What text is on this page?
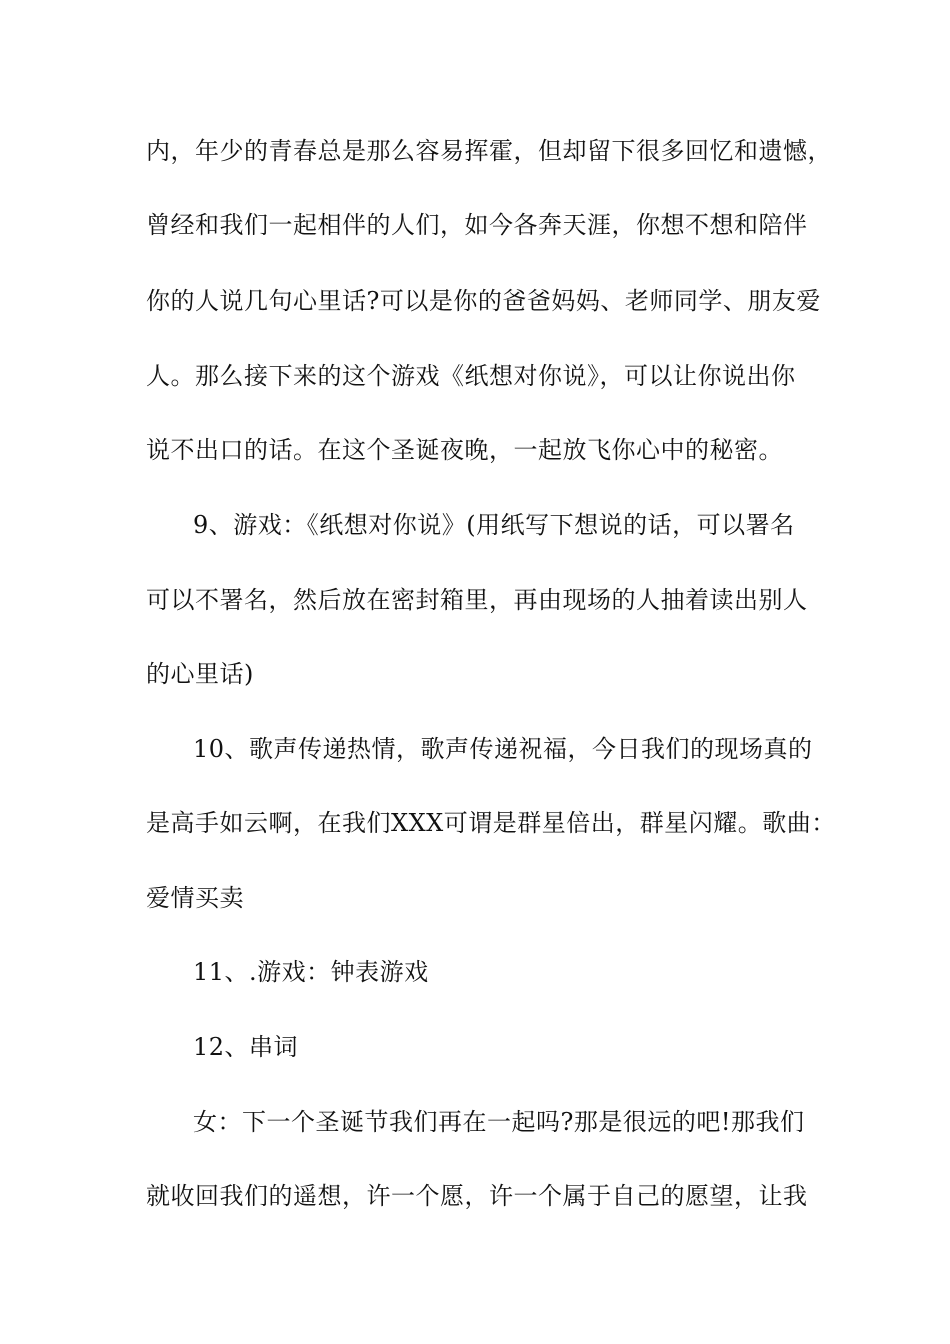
内，年少的青春总是那么容易挥霍，但却留下很多回忆和遗憾，
曾经和我们一起相伴的人们，如今各奔天涯，你想不想和陪伴
你的人说几句心里话?可以是你的爸爸妈妈、老师同学、朋友爱
人。那么接下来的这个游戏《纸想对你说》，可以让你说出你
说不出口的话。在这个圣诞夜晚，一起放飞你心中的秘密。
9、游戏：《纸想对你说》(用纸写下想说的话，可以署名
可以不署名，然后放在密封箱里，再由现场的人抽着读出别人
的心里话)
10、歌声传递热情，歌声传递祝福，今日我们的现场真的
是高手如云啊，在我们XXX可谓是群星倍出，群星闪耀。歌曲：
爱情买卖
11、.游戏：钟表游戏
12、串词
女：下一个圣诞节我们再在一起吗?那是很远的吧!那我们
就收回我们的遥想，许一个愿，许一个属于自己的愿望，让我
